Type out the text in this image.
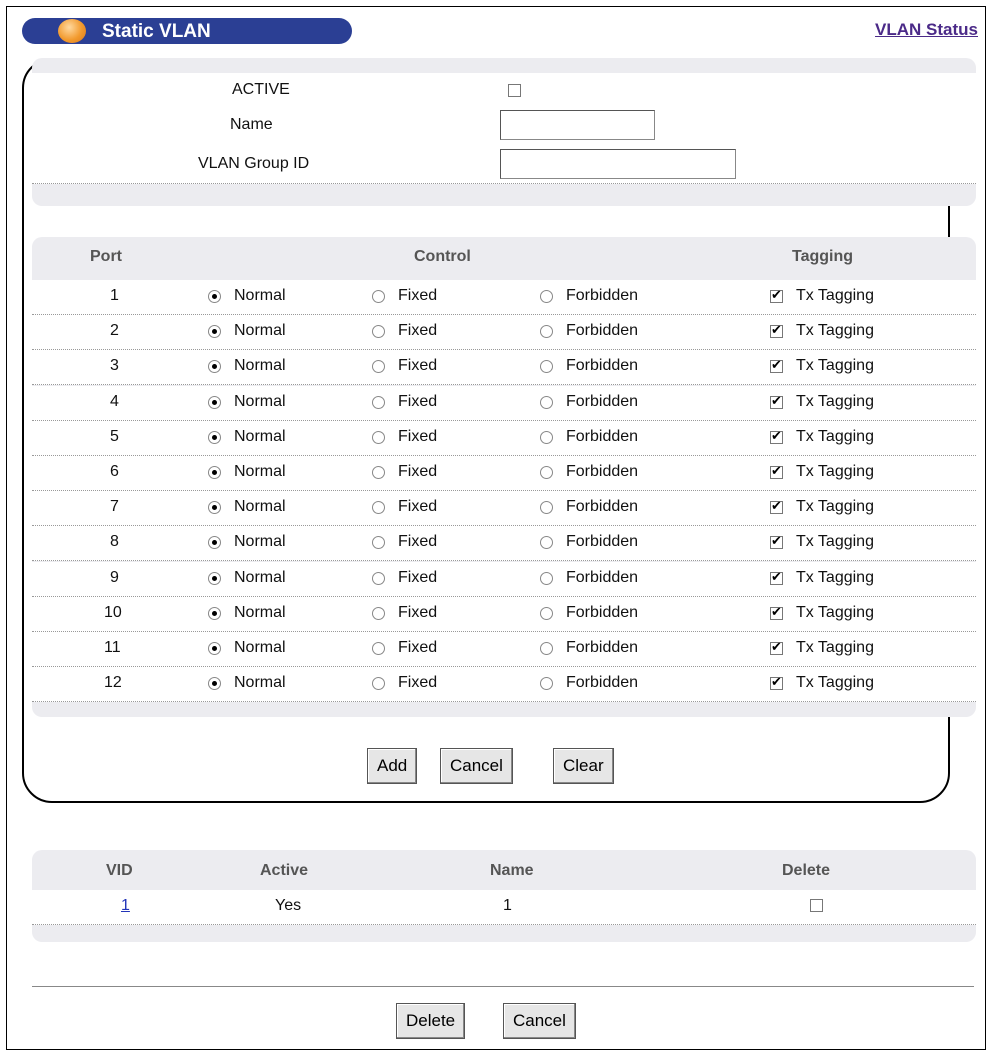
Static VLAN	VLAN Status
ACTIVE
Name
VLAN Group ID
Port	Control	Tagging
1	Normal	Fixed	Forbidden ✔	Tx Tagging
2	Normal	Fixed	Forbidden ✔	Tx Tagging
3	Normal	Fixed	Forbidden ✔	Tx Tagging
4	Normal	Fixed	Forbidden ✔	Tx Tagging
5	Normal	Fixed	Forbidden ✔	Tx Tagging
6	Normal	Fixed	Forbidden ✔	Tx Tagging
7	Normal	Fixed	Forbidden ✔	Tx Tagging
8	Normal	Fixed	Forbidden ✔	Tx Tagging
9	Normal	Fixed	Forbidden ✔	Tx Tagging
10	Normal	Fixed	Forbidden ✔	Tx Tagging
11	Normal	Fixed	Forbidden ✔	Tx Tagging
12	Normal	Fixed	Forbidden ✔	Tx Tagging
Add	Cancel	Clear
VID	Active	Name	Delete
1	Yes	1
Delete	Cancel
